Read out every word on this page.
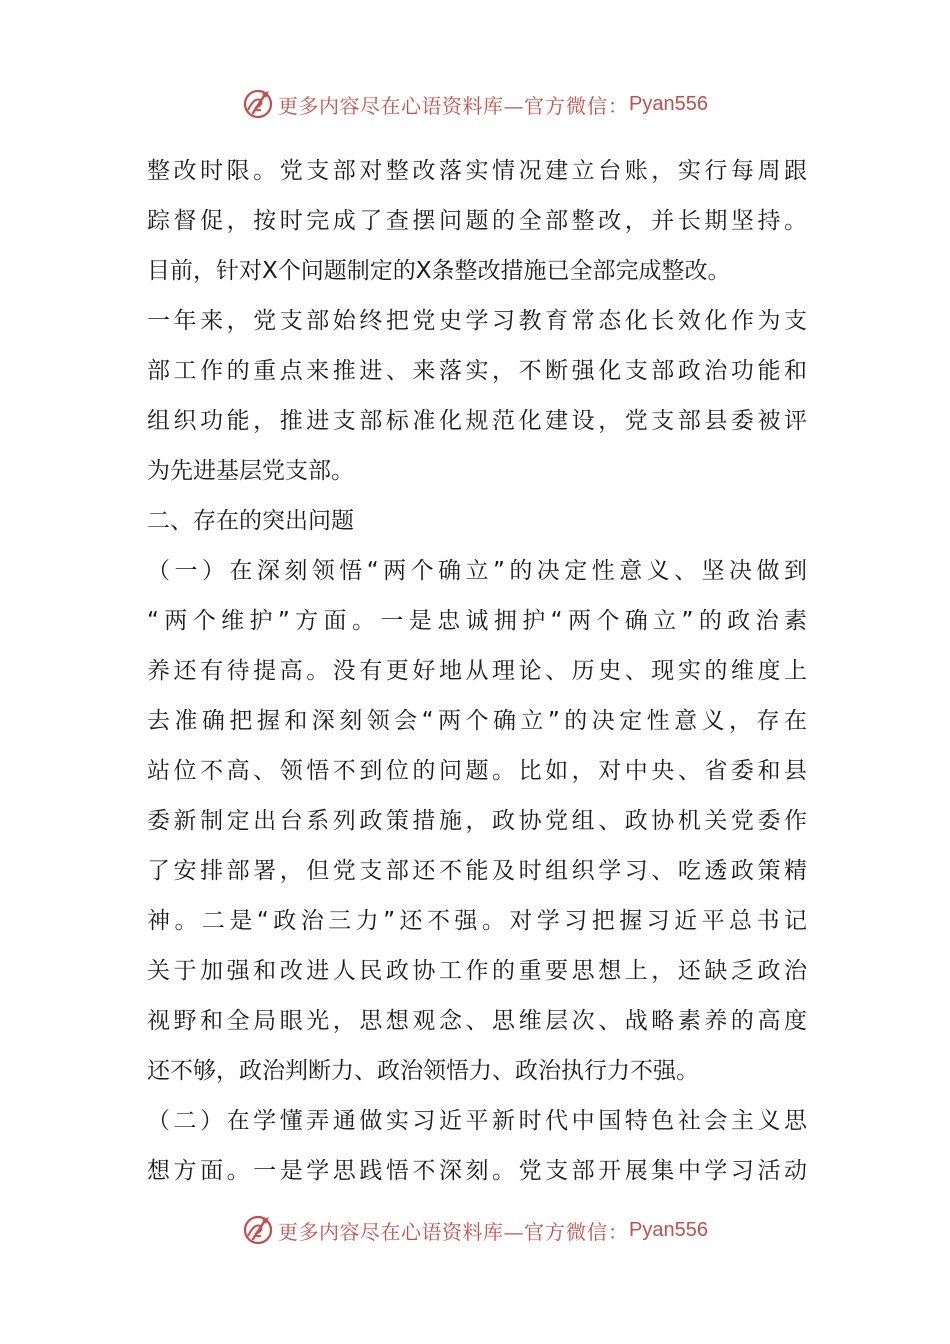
更多内容尽在心语资料库— 官方微信： Pyan556
整改时限。党支部对整改落实情况建立台账，实行每周跟
踪督促，按时完成了查摆问题的全部整改，并长期坚持。
目前，针对X个问题制定的X条整改措施已全部完成整改。
一年来，党支部始终把党史学习教育常态化长效化作为支
部工作的重点来推进、来落实，不断强化支部政治功能和
组织功能，推进支部标准化规范化建设，党支部县委被评
为先进基层党支部。
二、存在的突出问题
（一）在深刻领悟“两个确立”的决定性意义、坚决做到
“两个维护”方面。一是忠诚拥护“两个确立”的政治素
养还有待提高。没有更好地从理论、历史、现实的维度上
去准确把握和深刻领会“两个确立”的决定性意义，存在
站位不高、领悟不到位的问题。比如，对中央、省委和县
委新制定出台系列政策措施，政协党组、政协机关党委作
了安排部署，但党支部还不能及时组织学习、吃透政策精
神。二是“政治三力”还不强。对学习把握习近平总书记
关于加强和改进人民政协工作的重要思想上，还缺乏政治
视野和全局眼光，思想观念、思维层次、战略素养的高度
还不够，政治判断力、政治领悟力、政治执行力不强。
（二）在学懂弄通做实习近平新时代中国特色社会主义思
想方面。一是学思践悟不深刻。党支部开展集中学习活动
更多内容尽在心语资料库— 官方微信： Pyan556
